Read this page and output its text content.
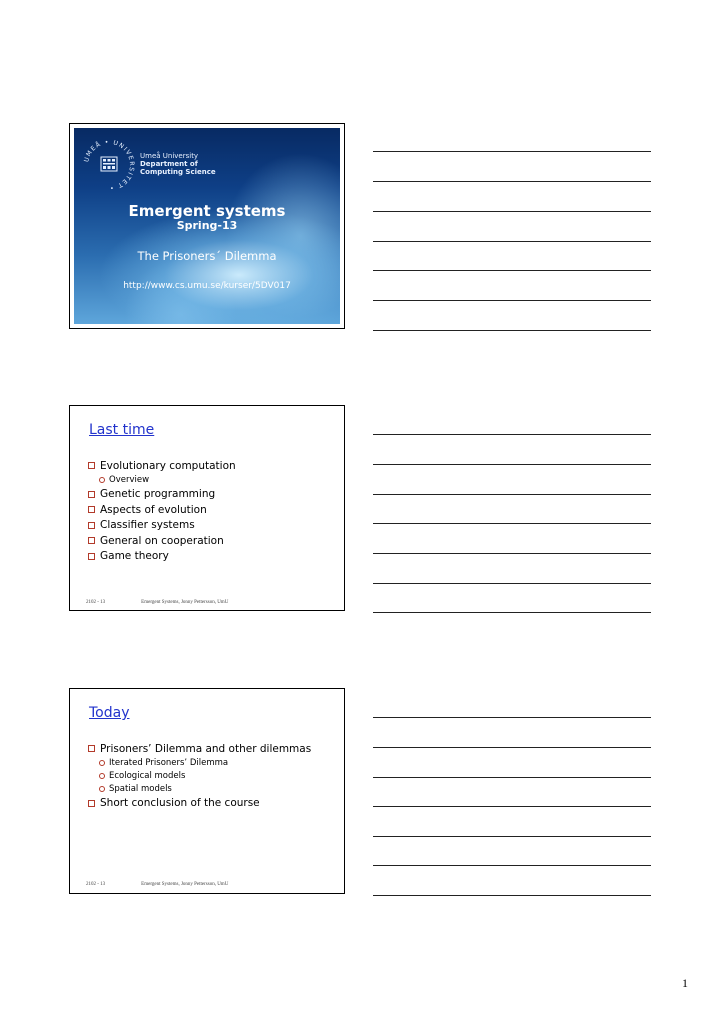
UMEÅ • UNIVERSITET •
Umeå University
Department of
Computing Science
Emergent systems
Spring-13
The Prisoners´ Dilemma
http://www.cs.umu.se/kurser/5DV017
Last time
Evolutionary computation
Overview
Genetic programming
Aspects of evolution
Classifier systems
General on cooperation
Game theory
2102 - 13	Emergent Systems, Jonny Pettersson, UmU
Today
Prisoners’ Dilemma and other dilemmas
Iterated Prisoners’ Dilemma
Ecological models
Spatial models
Short conclusion of the course
2102 - 13	Emergent Systems, Jonny Pettersson, UmU
1
